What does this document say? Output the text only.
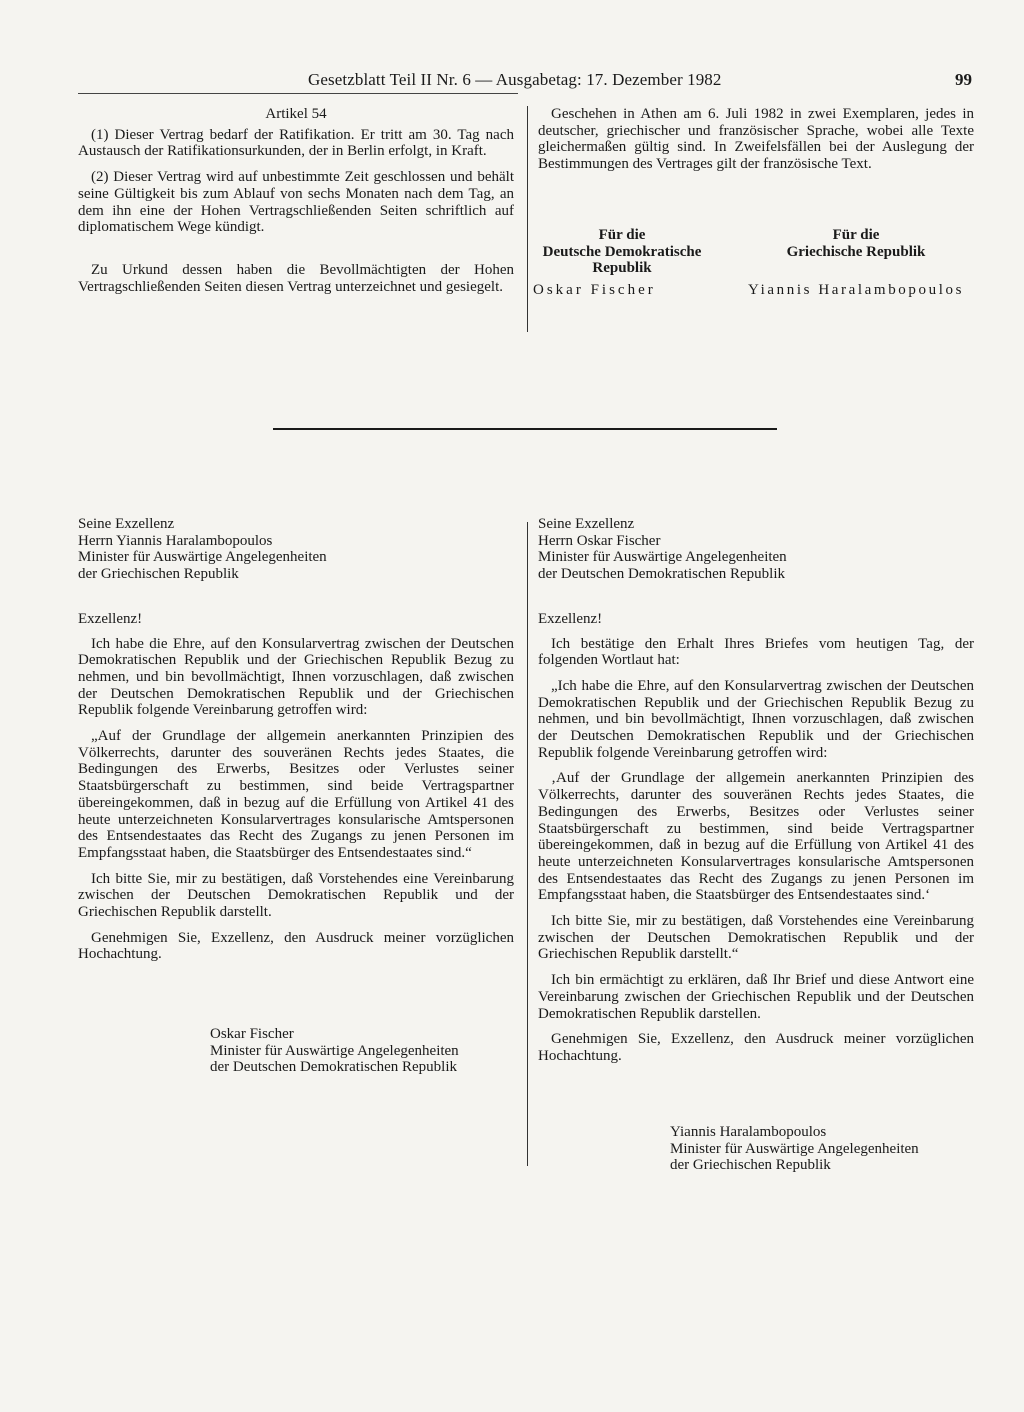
Gesetzblatt Teil II Nr. 6 — Ausgabetag: 17. Dezember 1982	99

Artikel 54

(1) Dieser Vertrag bedarf der Ratifikation. Er tritt am 30. Tag nach Austausch der Ratifikationsurkunden, der in Berlin erfolgt, in Kraft.

(2) Dieser Vertrag wird auf unbestimmte Zeit geschlossen und behält seine Gültigkeit bis zum Ablauf von sechs Monaten nach dem Tag, an dem ihn eine der Hohen Vertragschließenden Seiten schriftlich auf diplomatischem Wege kündigt.

Zu Urkund dessen haben die Bevollmächtigten der Hohen Vertragschließenden Seiten diesen Vertrag unterzeichnet und gesiegelt.

Geschehen in Athen am 6. Juli 1982 in zwei Exemplaren, jedes in deutscher, griechischer und französischer Sprache, wobei alle Texte gleichermaßen gültig sind. In Zweifelsfällen bei der Auslegung der Bestimmungen des Vertrages gilt der französische Text.

Für die
Deutsche Demokratische
Republik
Oskar Fischer
Für die
Griechische Republik
Yiannis Haralambopoulos

Seine Exzellenz

Herrn Yiannis Haralambopoulos

Minister für Auswärtige Angelegenheiten

der Griechischen Republik

Exzellenz!

Ich habe die Ehre, auf den Konsularvertrag zwischen der Deutschen Demokratischen Republik und der Griechischen Republik Bezug zu nehmen, und bin bevollmächtigt, Ihnen vorzuschlagen, daß zwischen der Deutschen Demokratischen Republik und der Griechischen Republik folgende Vereinbarung getroffen wird:

„Auf der Grundlage der allgemein anerkannten Prinzipien des Völkerrechts, darunter des souveränen Rechts jedes Staates, die Bedingungen des Erwerbs, Besitzes oder Verlustes seiner Staatsbürgerschaft zu bestimmen, sind beide Vertragspartner übereingekommen, daß in bezug auf die Erfüllung von Artikel 41 des heute unterzeichneten Konsularvertrages konsularische Amtspersonen des Entsendestaates das Recht des Zugangs zu jenen Personen im Empfangsstaat haben, die Staatsbürger des Entsendestaates sind.“

Ich bitte Sie, mir zu bestätigen, daß Vorstehendes eine Vereinbarung zwischen der Deutschen Demokratischen Republik und der Griechischen Republik darstellt.

Genehmigen Sie, Exzellenz, den Ausdruck meiner vorzüglichen Hochachtung.

Oskar Fischer
Minister für Auswärtige Angelegenheiten
der Deutschen Demokratischen Republik

Seine Exzellenz

Herrn Oskar Fischer

Minister für Auswärtige Angelegenheiten

der Deutschen Demokratischen Republik

Exzellenz!

Ich bestätige den Erhalt Ihres Briefes vom heutigen Tag, der folgenden Wortlaut hat:

„Ich habe die Ehre, auf den Konsularvertrag zwischen der Deutschen Demokratischen Republik und der Griechischen Republik Bezug zu nehmen, und bin bevollmächtigt, Ihnen vorzuschlagen, daß zwischen der Deutschen Demokratischen Republik und der Griechischen Republik folgende Vereinbarung getroffen wird:

‚Auf der Grundlage der allgemein anerkannten Prinzipien des Völkerrechts, darunter des souveränen Rechts jedes Staates, die Bedingungen des Erwerbs, Besitzes oder Verlustes seiner Staatsbürgerschaft zu bestimmen, sind beide Vertragspartner übereingekommen, daß in bezug auf die Erfüllung von Artikel 41 des heute unterzeichneten Konsularvertrages konsularische Amtspersonen des Entsendestaates das Recht des Zugangs zu jenen Personen im Empfangsstaat haben, die Staatsbürger des Entsendestaates sind.‘

Ich bitte Sie, mir zu bestätigen, daß Vorstehendes eine Vereinbarung zwischen der Deutschen Demokratischen Republik und der Griechischen Republik darstellt.“

Ich bin ermächtigt zu erklären, daß Ihr Brief und diese Antwort eine Vereinbarung zwischen der Griechischen Republik und der Deutschen Demokratischen Republik darstellen.

Genehmigen Sie, Exzellenz, den Ausdruck meiner vorzüglichen Hochachtung.

Yiannis Haralambopoulos
Minister für Auswärtige Angelegenheiten
der Griechischen Republik
